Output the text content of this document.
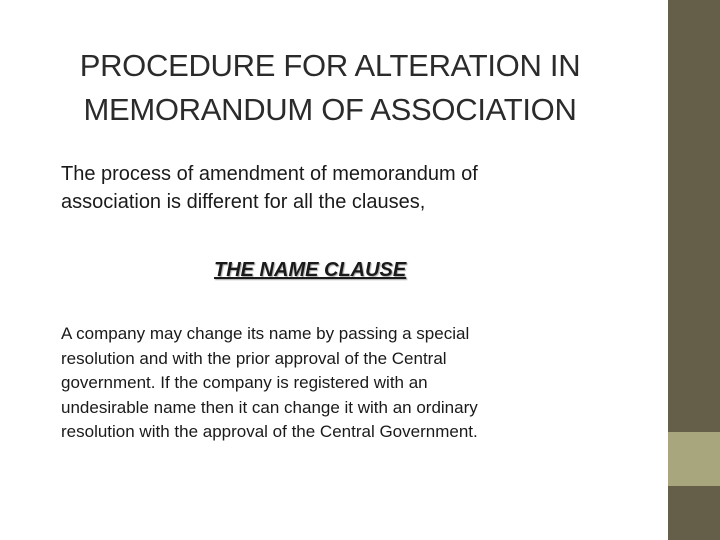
PROCEDURE FOR ALTERATION IN
MEMORANDUM OF ASSOCIATION

The process of amendment of memorandum of
association is different for all the clauses,

THE NAME CLAUSE

A company may change its name by passing a special
resolution and with the prior approval of the Central
government. If the company is registered with an
undesirable name then it can change it with an ordinary
resolution with the approval of the Central Government.
